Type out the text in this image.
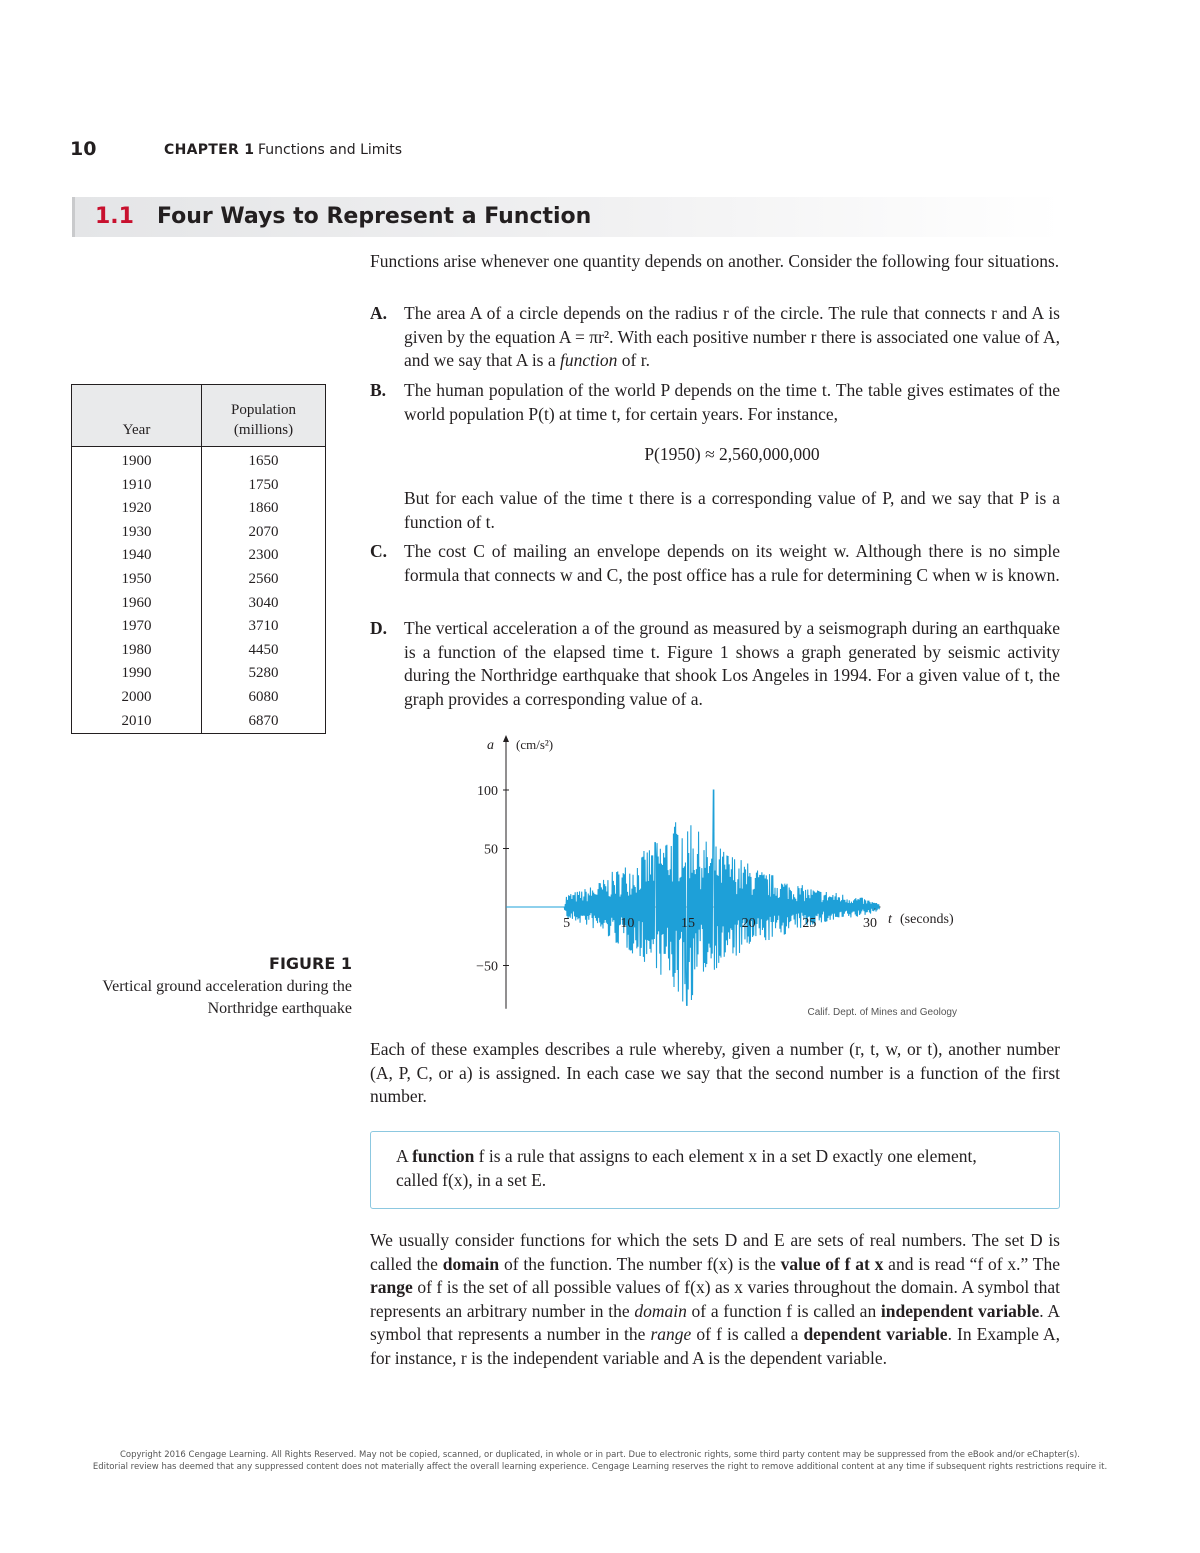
10	CHAPTER 1 Functions and Limits
1.1 Four Ways to Represent a Function
Functions arise whenever one quantity depends on another. Consider the following four situations.
A. The area A of a circle depends on the radius r of the circle. The rule that connects r and A is given by the equation A = πr². With each positive number r there is associated one value of A, and we say that A is a function of r.
B. The human population of the world P depends on the time t. The table gives estimates of the world population P(t) at time t, for certain years. For instance,
P(1950) ≈ 2,560,000,000
But for each value of the time t there is a corresponding value of P, and we say that P is a function of t.
C. The cost C of mailing an envelope depends on its weight w. Although there is no simple formula that connects w and C, the post office has a rule for determining C when w is known.
D. The vertical acceleration a of the ground as measured by a seismograph during an earthquake is a function of the elapsed time t. Figure 1 shows a graph generated by seismic activity during the Northridge earthquake that shook Los Angeles in 1994. For a given value of t, the graph provides a corresponding value of a.
Year	Population
(millions)
1900	1650
1910	1750
1920	1860
1930	2070
1940	2300
1950	2560
1960	3040
1970	3710
1980	4450
1990	5280
2000	6080
2010	6870
FIGURE 1
Vertical ground acceleration during the Northridge earthquake
100
50
−50
5	10	15	20	25	30
a (cm/s²)
t (seconds)
Calif. Dept. of Mines and Geology
Each of these examples describes a rule whereby, given a number (r, t, w, or t), another number (A, P, C, or a) is assigned. In each case we say that the second number is a function of the first number.
A function f is a rule that assigns to each element x in a set D exactly one element, called f(x), in a set E.
We usually consider functions for which the sets D and E are sets of real numbers. The set D is called the domain of the function. The number f(x) is the value of f at x and is read “f of x.” The range of f is the set of all possible values of f(x) as x varies throughout the domain. A symbol that represents an arbitrary number in the domain of a function f is called an independent variable. A symbol that represents a number in the range of f is called a dependent variable. In Example A, for instance, r is the independent variable and A is the dependent variable.
Copyright 2016 Cengage Learning. All Rights Reserved. May not be copied, scanned, or duplicated, in whole or in part. Due to electronic rights, some third party content may be suppressed from the eBook and/or eChapter(s).
Editorial review has deemed that any suppressed content does not materially affect the overall learning experience. Cengage Learning reserves the right to remove additional content at any time if subsequent rights restrictions require it.
